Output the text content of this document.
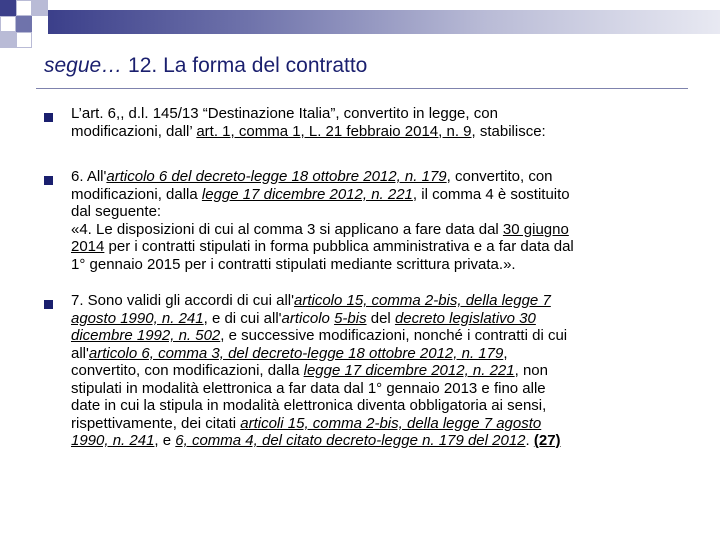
segue… 12. La forma del contratto
L’art. 6,, d.l. 145/13 “Destinazione Italia”, convertito in legge, con
modificazioni, dall’ art. 1, comma 1, L. 21 febbraio 2014, n. 9, stabilisce:
6. All'articolo 6 del decreto-legge 18 ottobre 2012, n. 179, convertito, con
modificazioni, dalla legge 17 dicembre 2012, n. 221, il comma 4 è sostituito
dal seguente:
«4. Le disposizioni di cui al comma 3 si applicano a fare data dal 30 giugno
2014 per i contratti stipulati in forma pubblica amministrativa e a far data dal
1° gennaio 2015 per i contratti stipulati mediante scrittura privata.».
7. Sono validi gli accordi di cui all'articolo 15, comma 2-bis, della legge 7
agosto 1990, n. 241, e di cui all'articolo 5-bis del decreto legislativo 30
dicembre 1992, n. 502, e successive modificazioni, nonché i contratti di cui
all'articolo 6, comma 3, del decreto-legge 18 ottobre 2012, n. 179,
convertito, con modificazioni, dalla legge 17 dicembre 2012, n. 221, non
stipulati in modalità elettronica a far data dal 1° gennaio 2013 e fino alle
date in cui la stipula in modalità elettronica diventa obbligatoria ai sensi,
rispettivamente, dei citati articoli 15, comma 2-bis, della legge 7 agosto
1990, n. 241, e 6, comma 4, del citato decreto-legge n. 179 del 2012. (27)
